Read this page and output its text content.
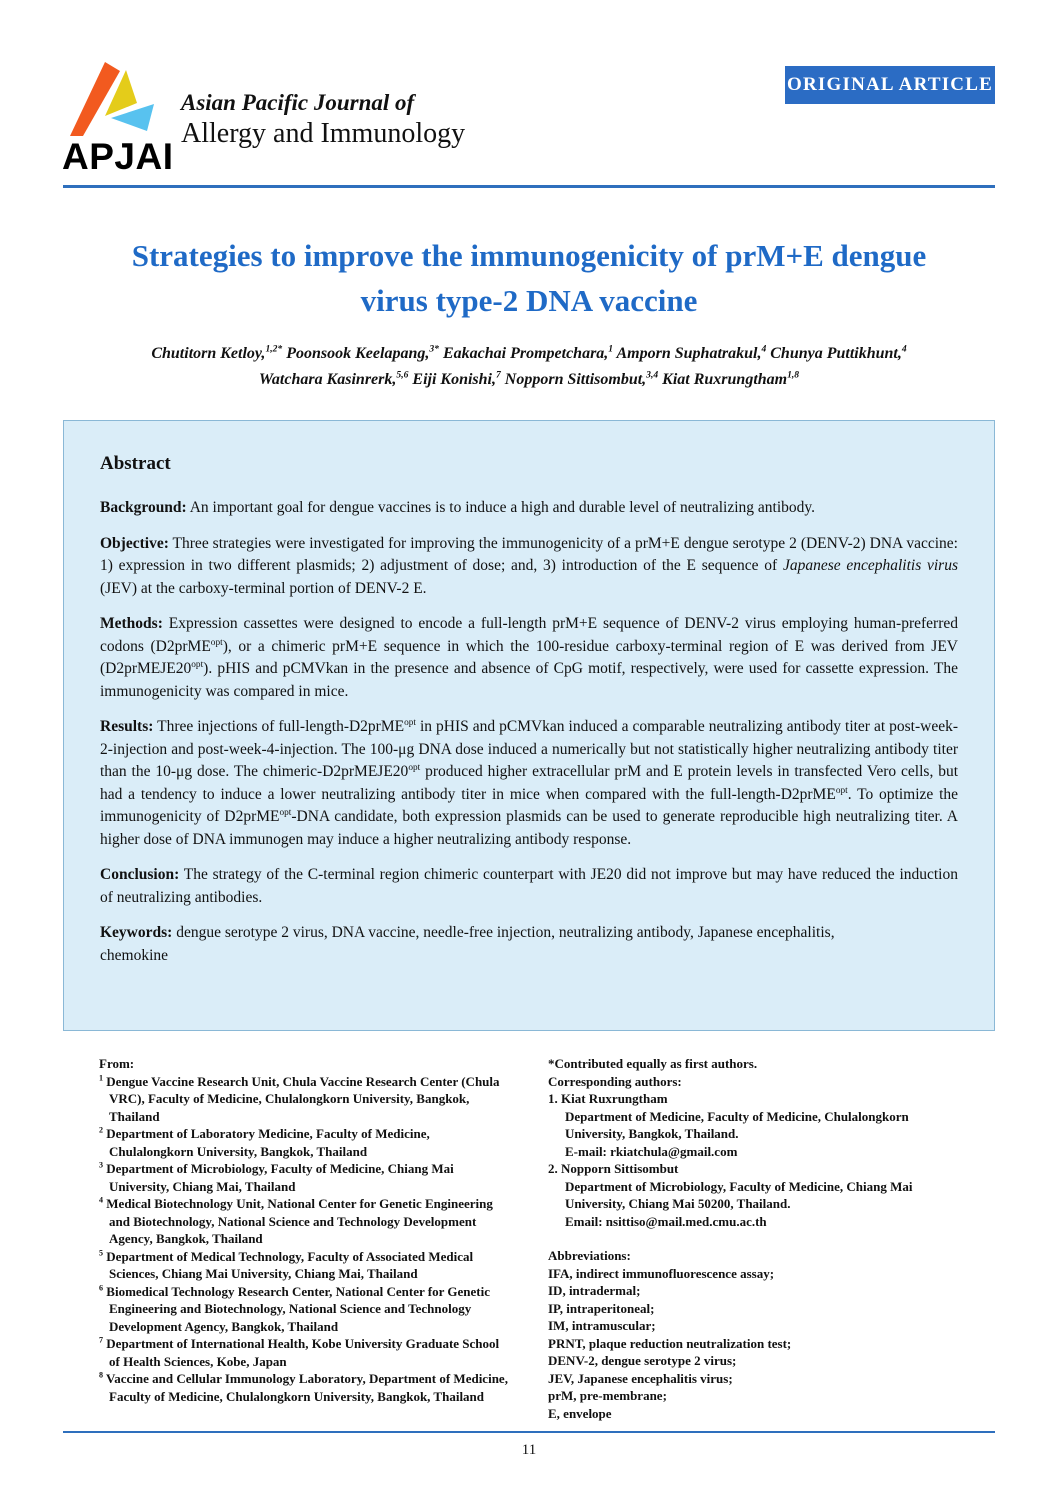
APJAI
Asian Pacific Journal of
Allergy and Immunology
ORIGINAL ARTICLE
Strategies to improve the immunogenicity of prM+E dengue
virus type-2 DNA vaccine
Chutitorn Ketloy,$^{1,2*}$ Poonsook Keelapang,$^{3*}$ Eakachai Prompetchara,$^1$ Amporn Suphatrakul,$^4$ Chunya Puttikhunt,$^4$
Watchara Kasinrerk,$^{5,6}$ Eiji Konishi,$^7$ Nopporn Sittisombut,$^{3,4}$ Kiat Ruxrungtham$^{1,8}$
Abstract

Background: An important goal for dengue vaccines is to induce a high and durable level of neutralizing antibody.

Objective: Three strategies were investigated for improving the immunogenicity of a prM+E dengue serotype 2 (DENV-2) DNA vaccine: 1) expression in two different plasmids; 2) adjustment of dose; and, 3) introduction of the E sequence of Japanese encephalitis virus (JEV) at the carboxy-terminal portion of DENV-2 E.

Methods: Expression cassettes were designed to encode a full-length prM+E sequence of DENV-2 virus employing human-preferred codons (D2prME$^{opt}$), or a chimeric prM+E sequence in which the 100-residue carboxy-terminal region of E was derived from JEV $(D2prMEJE20^{opt})$. pHIS and pCMVkan in the presence and absence of CpG motif, respectively, were used for cassette expression. The immunogenicity was compared in mice.

Results: Three injections of full-length-D2prME$^{opt}$ in pHIS and pCMVkan induced a comparable neutralizing antibody titer at post-week-2-injection and post-week-4-injection. The 100-μg DNA dose induced a numerically but not statistically higher neutralizing antibody titer than the 10-μg dose. The chimeric-$D2prMEJE20^{opt}$ produced higher extracellular prM and E protein levels in transfected Vero cells, but had a tendency to induce a lower neutralizing antibody titer in mice when compared with the full-length-D2prME$^{opt}$. To optimize the immunogenicity of D2prME$^{opt}$-DNA candidate, both expression plasmids can be used to generate reproducible high neutralizing titer. A higher dose of DNA immunogen may induce a higher neutralizing antibody response.

Conclusion: The strategy of the C-terminal region chimeric counterpart with JE20 did not improve but may have reduced the induction of neutralizing antibodies.

Keywords: dengue serotype 2 virus, DNA vaccine, needle-free injection, neutralizing antibody, Japanese encephalitis, chemokine

From:
$^1$ Dengue Vaccine Research Unit, Chula Vaccine Research Center (Chula VRC), Faculty of Medicine, Chulalongkorn University, Bangkok, Thailand
$^2$ Department of Laboratory Medicine, Faculty of Medicine, Chulalongkorn University, Bangkok, Thailand
$^3$ Department of Microbiology, Faculty of Medicine, Chiang Mai University, Chiang Mai, Thailand
$^4$ Medical Biotechnology Unit, National Center for Genetic Engineering and Biotechnology, National Science and Technology Development Agency, Bangkok, Thailand
$^5$ Department of Medical Technology, Faculty of Associated Medical Sciences, Chiang Mai University, Chiang Mai, Thailand
$^6$ Biomedical Technology Research Center, National Center for Genetic Engineering and Biotechnology, National Science and Technology Development Agency, Bangkok, Thailand
$^7$ Department of International Health, Kobe University Graduate School of Health Sciences, Kobe, Japan
$^8$ Vaccine and Cellular Immunology Laboratory, Department of Medicine, Faculty of Medicine, Chulalongkorn University, Bangkok, Thailand
*Contributed equally as first authors.
Corresponding authors:
1. Kiat Ruxrungtham
Department of Medicine, Faculty of Medicine, Chulalongkorn University, Bangkok, Thailand.
E-mail: rkiatchula@gmail.com
2. Nopporn Sittisombut
Department of Microbiology, Faculty of Medicine, Chiang Mai University, Chiang Mai 50200, Thailand.
Email: nsittiso@mail.med.cmu.ac.th
Abbreviations:
IFA, indirect immunofluorescence assay;
ID, intradermal;
IP, intraperitoneal;
IM, intramuscular;
PRNT, plaque reduction neutralization test;
DENV-2, dengue serotype 2 virus;
JEV, Japanese encephalitis virus;
prM, pre-membrane;
E, envelope
11
